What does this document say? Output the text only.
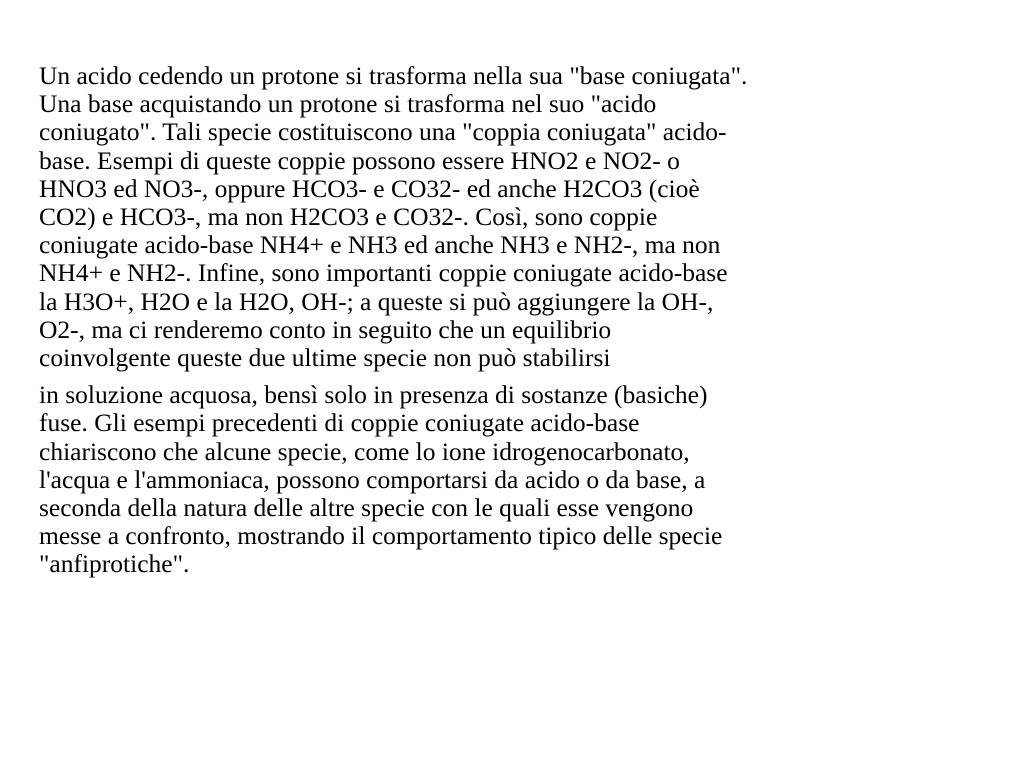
Un acido cedendo un protone si trasforma nella sua "base coniugata".
Una base acquistando un protone si trasforma nel suo "acido
coniugato". Tali specie costituiscono una "coppia coniugata" acido-
base. Esempi di queste coppie possono essere HNO2 e NO2- o
HNO3 ed NO3-, oppure HCO3- e CO32- ed anche H2CO3 (cioè
CO2) e HCO3-, ma non H2CO3 e CO32-. Così, sono coppie
coniugate acido-base NH4+ e NH3 ed anche NH3 e NH2-, ma non
NH4+ e NH2-. Infine, sono importanti coppie coniugate acido-base
la H3O+, H2O e la H2O, OH-; a queste si può aggiungere la OH-,
O2-, ma ci renderemo conto in seguito che un equilibrio
coinvolgente queste due ultime specie non può stabilirsi

in soluzione acquosa, bensì solo in presenza di sostanze (basiche)
fuse. Gli esempi precedenti di coppie coniugate acido-base
chiariscono che alcune specie, come lo ione idrogenocarbonato,
l'acqua e l'ammoniaca, possono comportarsi da acido o da base, a
seconda della natura delle altre specie con le quali esse vengono
messe a confronto, mostrando il comportamento tipico delle specie
"anfiprotiche".
